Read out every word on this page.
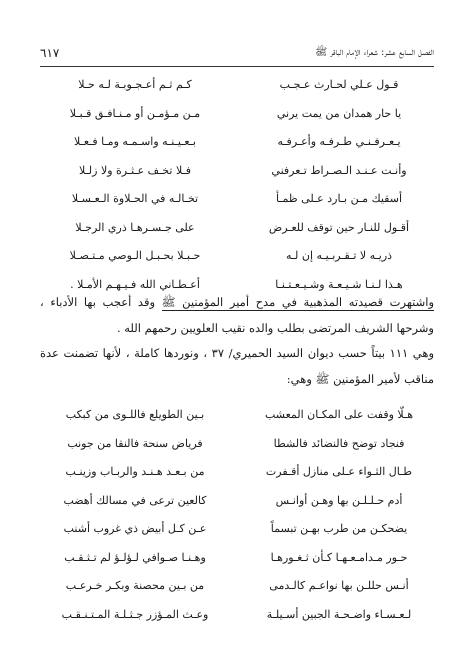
الفصل السابع عشر: شعراء الإمام الباقر ﷺ
٦١٧
قـول عـلي لحـارث عـجـب
كـم ثـم أعـجـوبـة لـه حـلا
يا حار همدان من يمت يرني
مـن مـؤمـن أو مـنـافـق قـبـلا
يـعـرفـنـي طـرفـه وأعـرفـه
بـعـيـنـه واسـمـه ومـا فـعـلا
وأنـت عـنـد الـصـراط تـعرفني
فـلا تخـف عـثـرة ولا زلـلا
أسقيك مـن بـارد عـلى ظمـأ
تخـالـه في الحـلاوة الـعـسـلا
أقـول للنـار حين توقف للعـرض
على جـسـرهـا ذري الرجـلا
ذريـه لا تـقـربـيـه إن لـه
حـبـلا بحـبـل الـوصي مـتـصـلا
هـذا لـنـا شـيـعـة وشـيـعـتـنـا
أعـطـاني الله فـيـهـم الأمـلا .

واشتهرت قصيدته المذهبية في مدح أمير المؤمنين ﷺ وقد أعجب بها الأدباء ، وشرحها الشريف المرتضى بطلب والده نقيب العلويين رحمهم الله .

وهي ١١١ بيتاً حسب ديوان السيد الحميري/ ٣٧ ، ونوردها كاملة ، لأنها تضمنت عدة مناقب لأمير المؤمنين ﷺ وهي:

هـلّا وقفت على المكـان المعشب
بـين الطويلع فاللـوى من كبكب
فنجاد توضح فالنضائد فالشطا
فرياض سنحة فالنقا من جونب
طـال الثـواء عـلى منازل أقـفرت
من بـعـد هـنـد والربـاب وزينـب
أدم حـلـلـن بها وهـن أوانـس
كالعين ترعى في مسالك أهضب
يضحكـن من طرب بهـن تبسماً
عـن كـل أبيض ذي غروب أشنب
حـور مـدامـعـهـا كـأن ثـغـورهـا
وهـنـا صـوافي لـؤلـؤ لم تـثـقـب
أنـس حللـن بها نواعـم كالـدمى
من بـين محصنة وبكـر خـرعـب
لـعـسـاء واضـحـة الجبين أسـيلـة
وعـث المـؤزر جـثـلـة المـتـنـقـب
